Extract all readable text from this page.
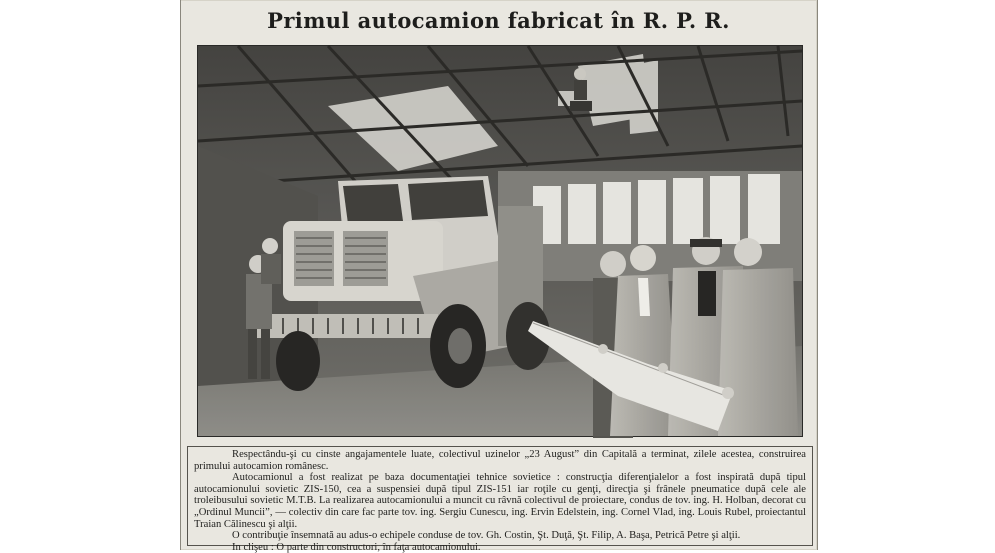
Primul autocamion fabricat în R. P. R.

Respectându-şi cu cinste angajamentele luate, colectivul uzinelor „23 August” din Capitală a terminat, zilele acestea, construirea primului autocamion românesc.

Autocamionul a fost realizat pe baza documentaţiei tehnice sovietice : construcţia diferenţialelor a fost inspirată după tipul autocamionului sovietic ZIS-150, cea a suspensiei după tipul ZIS-151 iar roţile cu genţi, direcţia şi frânele pneumatice după cele ale troleibusului sovietic M.T.B. La realizarea autocamionului a muncit cu râvnă colectivul de proiectare, condus de tov. ing. H. Holban, decorat cu „Ordinul Muncii”, — colectiv din care fac parte tov. ing. Sergiu Cunescu, ing. Ervin Edelstein, ing. Cornel Vlad, ing. Louis Rubel, proiectantul Traian Călinescu şi alţii.

O contribuţie însemnată au adus-o echipele conduse de tov. Gh. Costin, Şt. Duţă, Şt. Filip, A. Başa, Petrică Petre şi alţii.

In clişeu : O parte din constructori, în faţa autocamionului.
